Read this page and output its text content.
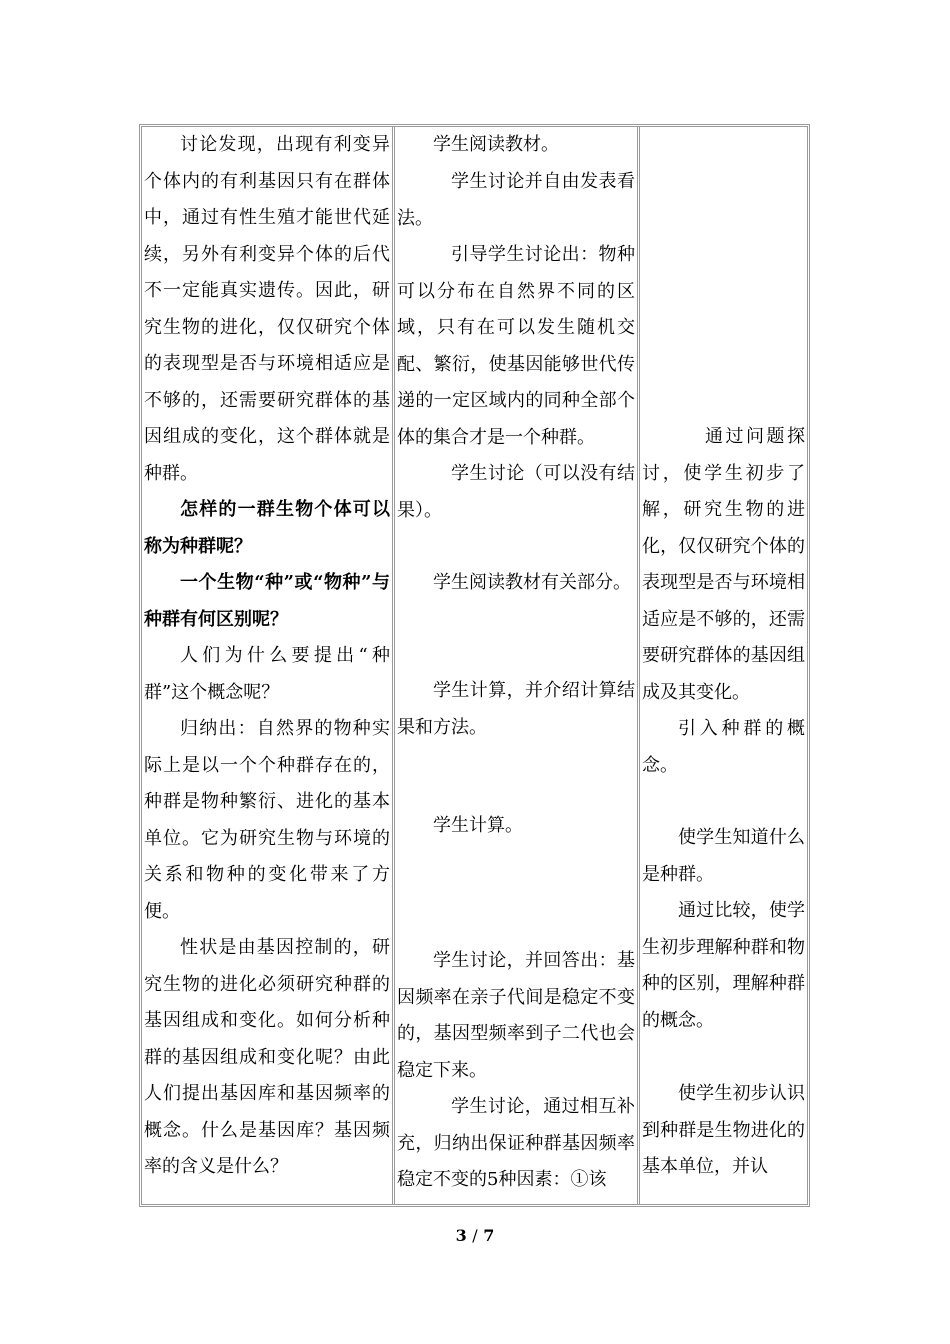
讨论发现，出现有利变异个体内的有利基因只有在群体中，通过有性生殖才能世代延续，另外有利变异个体的后代不一定能真实遗传。因此，研究生物的进化，仅仅研究个体的表现型是否与环境相适应是不够的，还需要研究群体的基因组成的变化，这个群体就是种群。

怎样的一群生物个体可以称为种群呢？

一个生物“种”或“物种”与种群有何区别呢？

人们为什么要提出“种群”这个概念呢？

归纳出：自然界的物种实际上是以一个个种群存在的，种群是物种繁衍、进化的基本单位。它为研究生物与环境的关系和物种的变化带来了方便。

性状是由基因控制的，研究生物的进化必须研究种群的基因组成和变化。如何分析种群的基因组成和变化呢？由此人们提出基因库和基因频率的概念。什么是基因库？基因频率的含义是什么？

学生阅读教材。

学生讨论并自由发表看法。

引导学生讨论出：物种可以分布在自然界不同的区域，只有在可以发生随机交配、繁衍，使基因能够世代传递的一定区域内的同种全部个体的集合才是一个种群。

学生讨论（可以没有结果）。

学生阅读教材有关部分。

学生计算，并介绍计算结果和方法。

学生计算。

学生讨论，并回答出：基因频率在亲子代间是稳定不变的，基因型频率到子二代也会稳定下来。

学生讨论，通过相互补充，归纳出保证种群基因频率稳定不变的5种因素：①该

通过问题探讨，使学生初步了解，研究生物的进化，仅仅研究个体的表现型是否与环境相适应是不够的，还需要研究群体的基因组成及其变化。

引入种群的概念。

使学生知道什么是种群。

通过比较，使学生初步理解种群和物种的区别，理解种群的概念。

使学生初步认识到种群是生物进化的基本单位，并认

3 / 7
